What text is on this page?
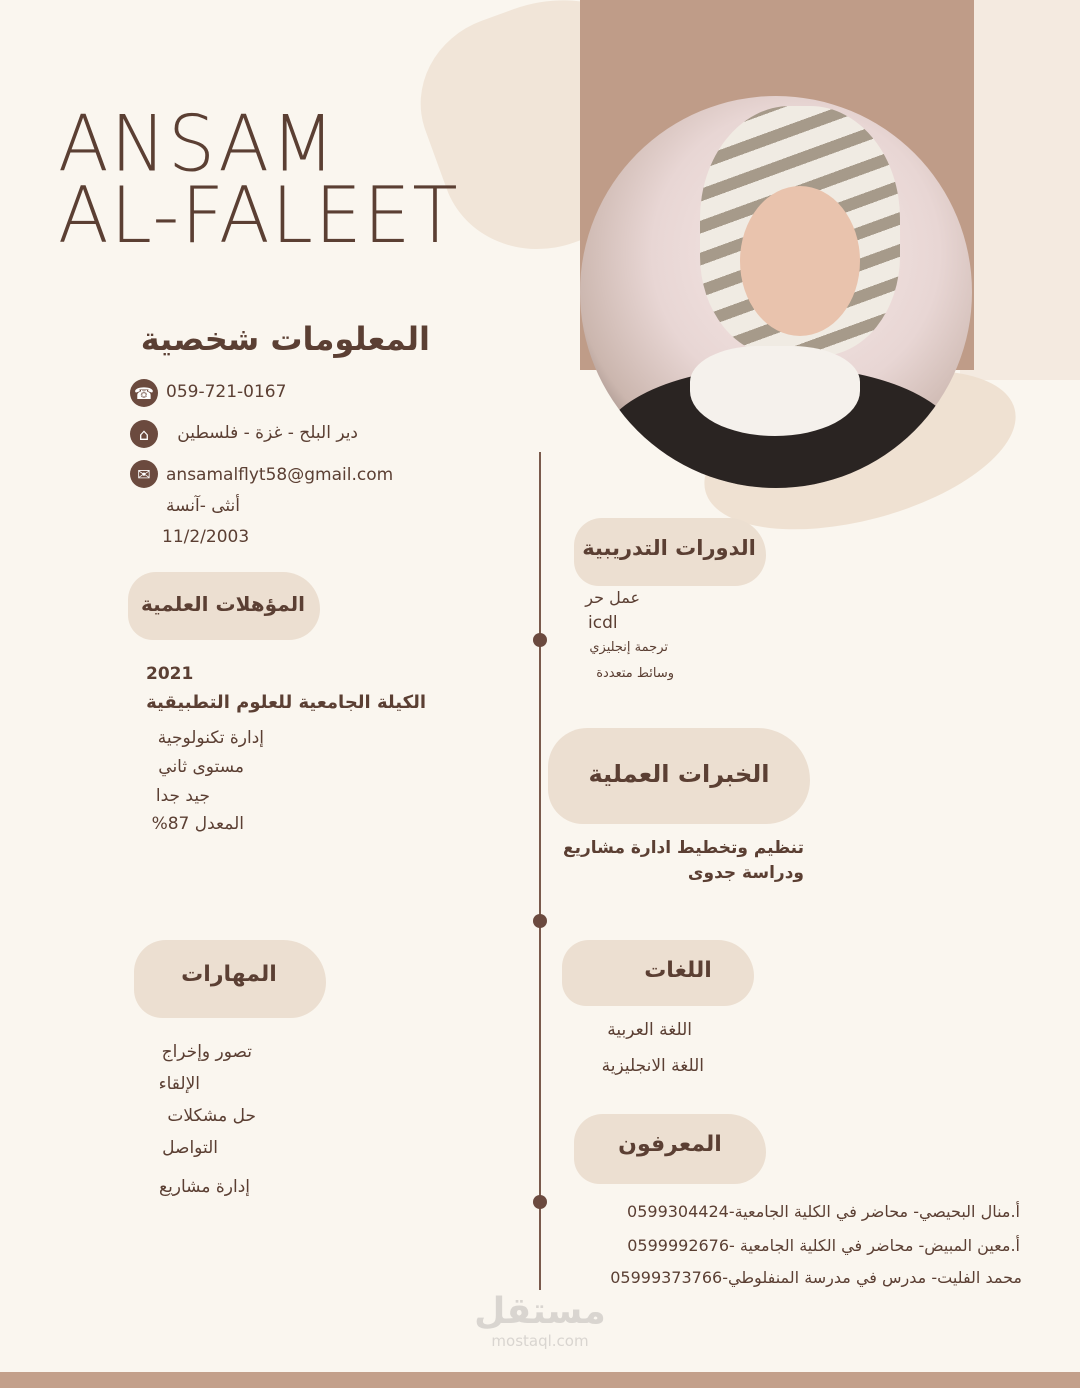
ANSAM
AL-FALEET
المعلومات شخصية
☎ 059-721-0167
⌂	دير البلح - غزة - فلسطين
✉ ansamalflyt58@gmail.com
أنثى -آنسة
11/2/2003
المؤهلات العلمية
2021
الكيلة الجامعية للعلوم التطبيقية
إدارة تكنولوجية
مستوى ثاني
جيد جدا
المعدل 87%
المهارات
تصور وإخراج
الإلقاء
حل مشكلات
التواصل
إدارة مشاريع
الدورات التدريبية
عمل حر
icdl
ترجمة إنجليزي
وسائط متعددة
الخبرات العملية
تنظيم وتخطيط ادارة مشاريع
ودراسة جدوى
اللغات
اللغة العربية
اللغة الانجليزية
المعرفون
أ.منال البحيصي- محاضر في الكلية الجامعية-0599304424
أ.معين المبيض- محاضر في الكلية الجامعية -0599992676
محمد الفليت- مدرس في مدرسة المنفلوطي-05999373766
مستقل
mostaql.com
